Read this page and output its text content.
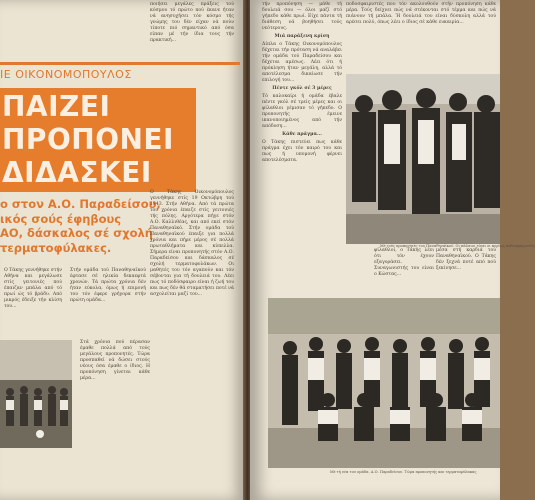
ποιήσει μεγάλες πράξεις τού κόσμου τό πρώτο πού έκανε ήταν νά ανησυχήσει τόν κόσμο τής γνώμης του δέν είχαν νά πούν τίποτε πιό σημαντικό από όσα είπαν μέ τήν ίδια τους τήν πρακτική...
ΙΕ ΟΙΚΟΝΟΜΟΠΟΥΛΟΣ
ΠΑΙΖΕΙ
ΠΡΟΠΟΝΕΙ
ΔΙΔΑΣΚΕΙ
ο στον Α.Ο. Παραδείσου,
ικός σούς έφηβους
ΑΟ, δάσκαλος σέ σχολή
τερματοφύλακες.
Ο Τάκης γεννήθηκε στήν Αθήνα και μεγάλωσε στίς γειτονιές πού έπαιζαν μπάλα από τό πρωί ώς τό βράδυ. Από μικρός έδειξε τήν κλίση του...
Στήν ομάδα τού Παναθηναϊκού έφτασε σέ ηλικία δεκαεφτά χρονών. Τά πρώτα χρόνια δέν ήταν εύκολα, όμως ή επιμονή του τόν έφερε γρήγορα στήν πρώτη ομάδα...
Ο Τάκης Οικονομόπουλος γεννήθηκε στίς 19 Οκτώβρη τού 1943. Στήν Αθήνα. Από τά πρώτα του χρόνια έπαιζε στίς γειτονιές τής πόλης. Αργότερα πήγε στόν Α.Ο. Καλλιθέας, και από εκεί στόν Παναθηναϊκό. Στήν ομάδα τού Παναθηναϊκού έπαιξε για πολλά χρόνια και πήρε μέρος σέ πολλά πρωταθλήματα και κύπελλα. Σήμερα είναι προπονητής στόν Α.Ο. Παραδείσου και δάσκαλος σέ σχολή τερματοφυλάκων. Οι μαθητές του τόν αγαπούν και τόν σέβονται για τή δουλειά του. Λέει πως τό ποδόσφαιρο είναι ή ζωή του και πως δέν θά σταματήσει ποτέ νά ασχολείται μαζί του...
Στά χρόνια πού πέρασαν έμαθε πολλά από τούς μεγάλους προπονητές. Τώρα προσπαθεί νά δώσει στούς νέους όσα έμαθε ο ίδιος. Η προπόνηση γίνεται κάθε μέρα...
τήν προπόνηση — μάθε τή δουλειά σου — όλοι μαζί στό γήπεδο κάθε πρωί. Είχε πάντα τή διάθεση νά βοηθήσει τούς νεότερους.
Μιά παράξενη κρίση
Δίπλα ο Τάκης Οικονομόπουλος δέχεται τήν πρόταση νά αναλάβει τήν ομάδα τού Παραδείσου και δέχεται αμέσως. Λέει ότι ή πρόκληση ήταν μεγάλη, αλλά τό αποτέλεσμα δικαίωσε τήν επιλογή του...
Πέντε γκόλ σέ 3 μέρες
Τό καλοκαίρι ή ομάδα έβαλε πέντε γκόλ σέ τρείς μέρες και οι φίλαθλοι γέμισαν τό γήπεδο. Ο προπονητής έμεινε ικανοποιημένος από τήν απόδοση...
Κάθε πράγμα...
Ο Τάκης πιστεύει πως κάθε πράγμα έχει τόν καιρό του και πως ή υπομονή φέρνει αποτελέσματα.
ποδοσφαιριστές που τόν ακολουθούν στήν προπόνηση κάθε μέρα. Τούς δείχνει πώς νά στέκονται στό τέρμα και πώς νά πιάνουν τή μπάλα. Ή δουλειά του είναι δύσκολη αλλά τού αρέσει πολύ, όπως λέει ο ίδιος σέ κάθε ευκαιρία...
Μέ τούς προπονητές του Παναθηναϊκού. Οι πάλαιοι είναι οι κυρίως ποδοσφαιριστές
φίλαθλοι, ο Τάκης λέει ότι τόν έχουν εξαγοράσει. Συναγωνιστής του είναι ο Κώστας...
μέσα στή καρδιά τού Παναθηναϊκού. Ο Τάκης δέν ξεχνά ποτέ από πού ξεκίνησε...
Μέ τή νέα του ομάδα, Α.Ο. Παραδείσου. Τώρα προπονητής και τερματοφύλακας
